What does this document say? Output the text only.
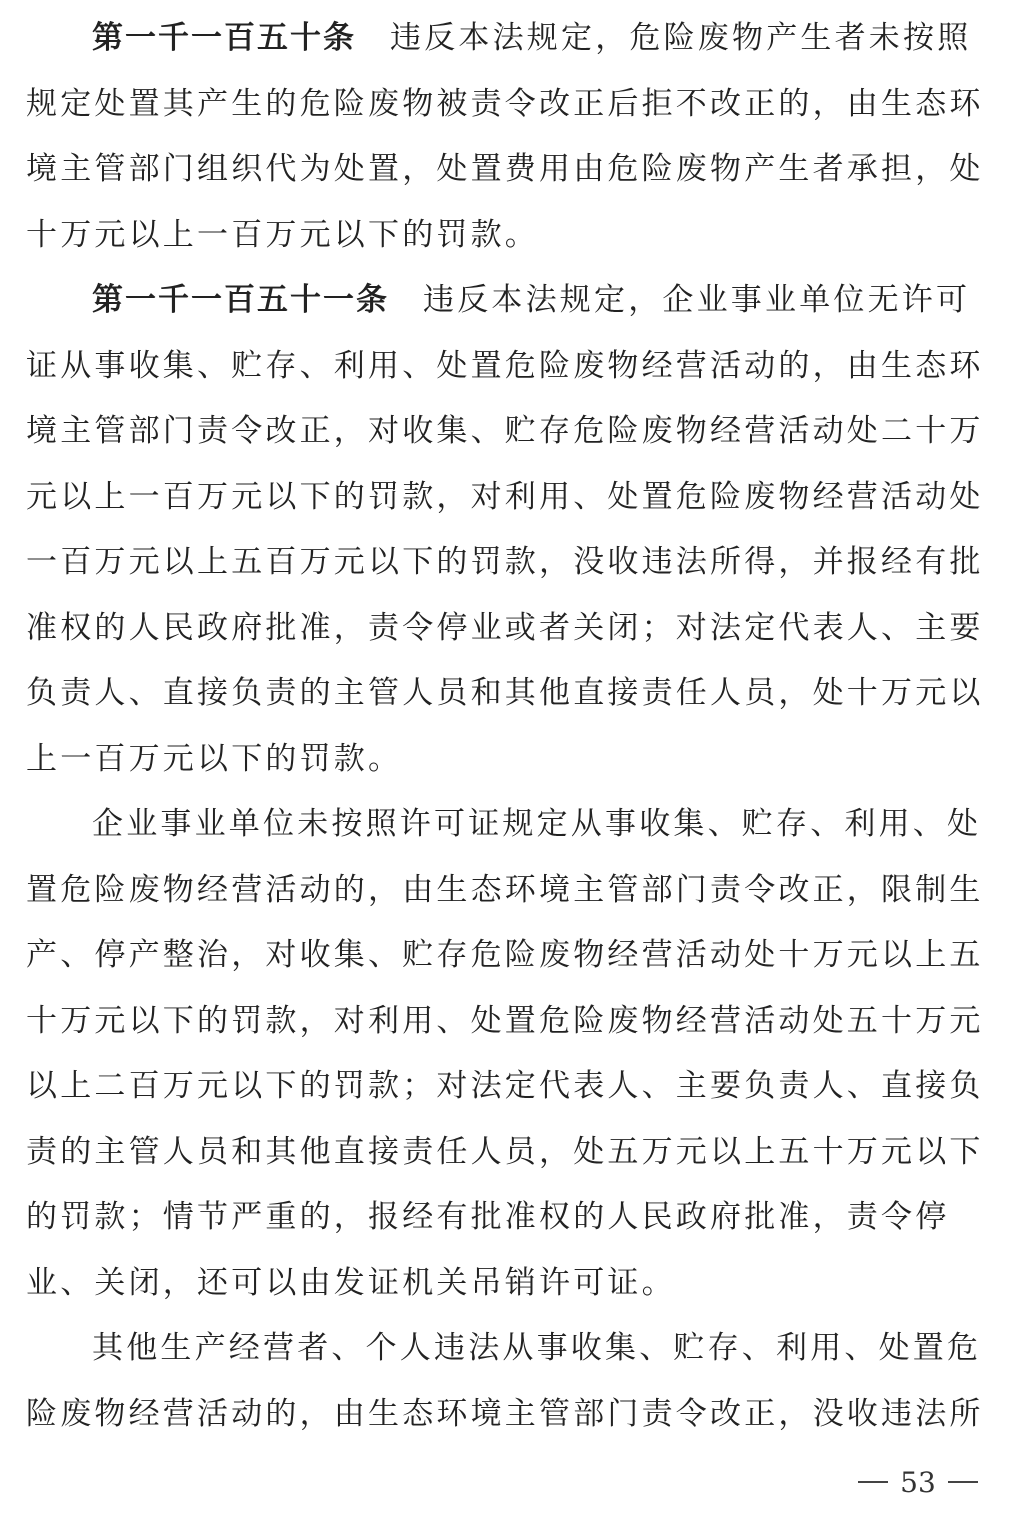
第一千一百五十条 违反本法规定，危险废物产生者未按照
规定处置其产生的危险废物被责令改正后拒不改正的，由生态环
境主管部门组织代为处置，处置费用由危险废物产生者承担，处
十万元以上一百万元以下的罚款。
第一千一百五十一条 违反本法规定，企业事业单位无许可
证从事收集、贮存、利用、处置危险废物经营活动的，由生态环
境主管部门责令改正，对收集、贮存危险废物经营活动处二十万
元以上一百万元以下的罚款，对利用、处置危险废物经营活动处
一百万元以上五百万元以下的罚款，没收违法所得，并报经有批
准权的人民政府批准，责令停业或者关闭；对法定代表人、主要
负责人、直接负责的主管人员和其他直接责任人员，处十万元以
上一百万元以下的罚款。
企业事业单位未按照许可证规定从事收集、贮存、利用、处
置危险废物经营活动的，由生态环境主管部门责令改正，限制生
产、停产整治，对收集、贮存危险废物经营活动处十万元以上五
十万元以下的罚款，对利用、处置危险废物经营活动处五十万元
以上二百万元以下的罚款；对法定代表人、主要负责人、直接负
责的主管人员和其他直接责任人员，处五万元以上五十万元以下
的罚款；情节严重的，报经有批准权的人民政府批准，责令停
业、关闭，还可以由发证机关吊销许可证。
其他生产经营者、个人违法从事收集、贮存、利用、处置危
险废物经营活动的，由生态环境主管部门责令改正，没收违法所
53
